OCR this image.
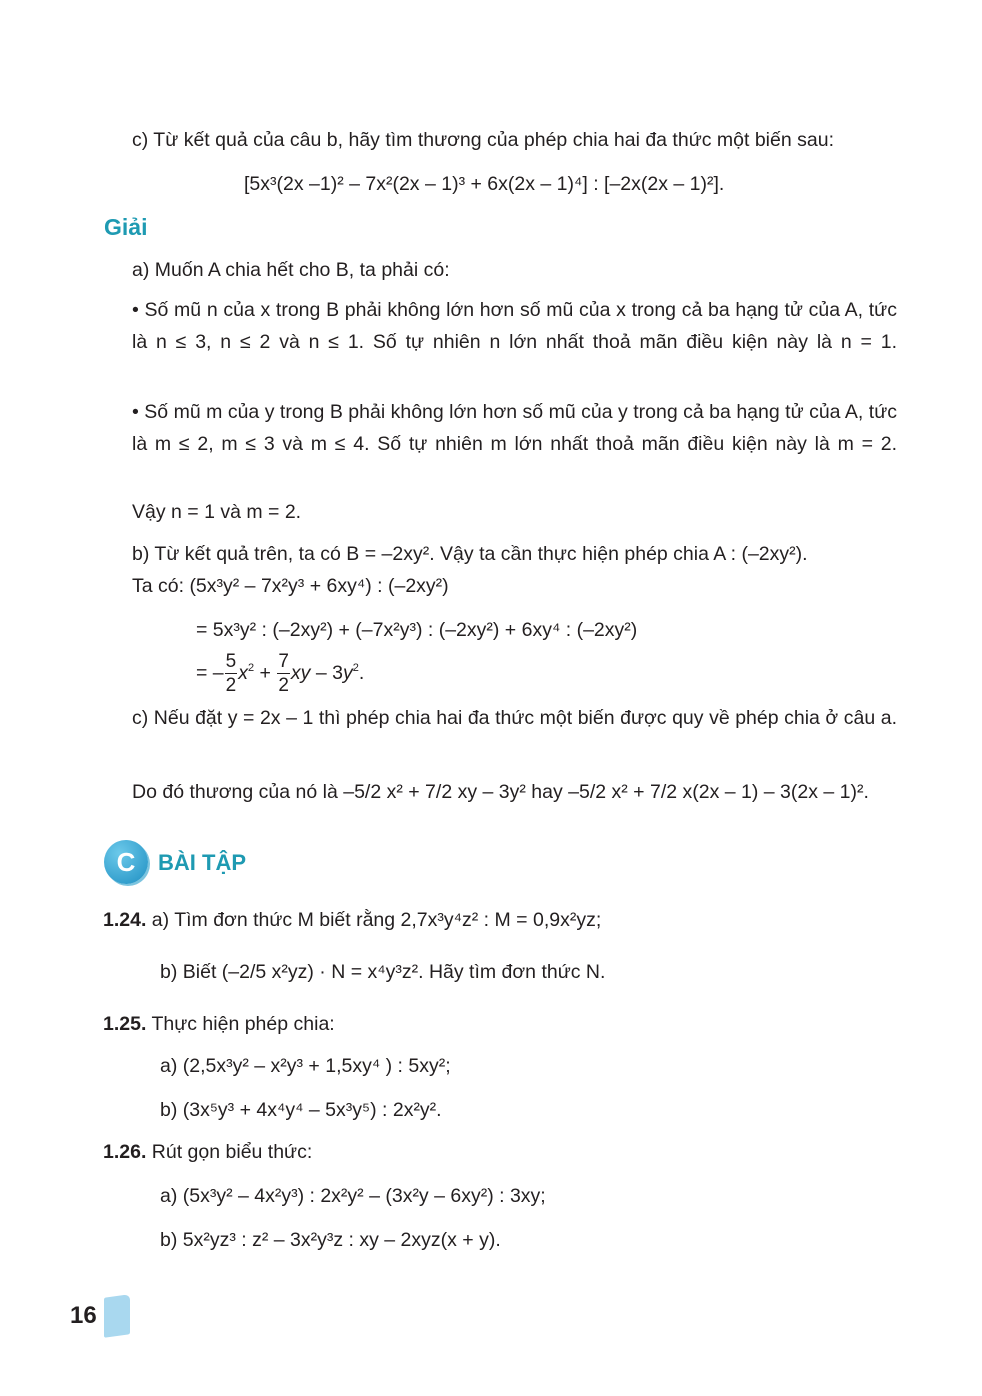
c) Từ kết quả của câu b, hãy tìm thương của phép chia hai đa thức một biến sau:
[5x³(2x –1)² – 7x²(2x – 1)³ + 6x(2x – 1)⁴] : [–2x(2x – 1)²].
Giải
a) Muốn A chia hết cho B, ta phải có:
• Số mũ n của x trong B phải không lớn hơn số mũ của x trong cả ba hạng tử của A, tức là n ≤ 3, n ≤ 2 và n ≤ 1. Số tự nhiên n lớn nhất thoả mãn điều kiện này là n = 1.
• Số mũ m của y trong B phải không lớn hơn số mũ của y trong cả ba hạng tử của A, tức là m ≤ 2, m ≤ 3 và m ≤ 4. Số tự nhiên m lớn nhất thoả mãn điều kiện này là m = 2.
Vậy n = 1 và m = 2.
b) Từ kết quả trên, ta có B = –2xy². Vậy ta cần thực hiện phép chia A : (–2xy²).
Ta có: (5x³y² – 7x²y³ + 6xy⁴) : (–2xy²)
= 5x³y² : (–2xy²) + (–7x²y³) : (–2xy²) + 6xy⁴ : (–2xy²)
= – $\frac{5}{2} x^2 + \frac{7}{2}$ xy – $3y^2$.
c) Nếu đặt y = 2x – 1 thì phép chia hai đa thức một biến được quy về phép chia ở câu a.
Do đó thương của nó là –5/2 x² + 7/2 xy – 3y² hay –5/2 x² + 7/2 x(2x – 1) – 3(2x – 1)².
C	BÀI TẬP
1.24. a) Tìm đơn thức M biết rằng 2,7x³y⁴z² : M = 0,9x²yz;
b) Biết (–2/5 x²yz) · N = x⁴y³z². Hãy tìm đơn thức N.
1.25. Thực hiện phép chia:
a) (2,5x³y² – x²y³ + 1,5xy⁴ ) : 5xy²;
b) (3x⁵y³ + 4x⁴y⁴ – 5x³y⁵) : 2x²y².
1.26. Rút gọn biểu thức:
a) (5x³y² – 4x²y³) : 2x²y² – (3x²y – 6xy²) : 3xy;
b) 5x²yz³ : z² – 3x²y³z : xy – 2xyz(x + y).
16
